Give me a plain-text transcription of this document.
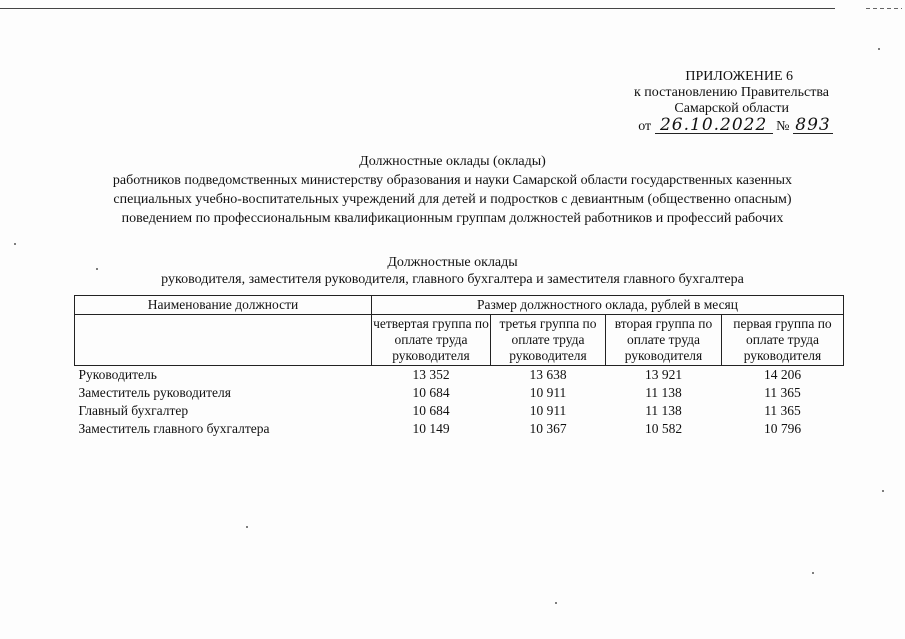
ПРИЛОЖЕНИЕ 6
к постановлению Правительства
Самарской области
от 26.10.2022 № 893
Должностные оклады (оклады)
работников подведомственных министерству образования и науки Самарской области государственных казенных
специальных учебно-воспитательных учреждений для детей и подростков с девиантным (общественно опасным)
поведением по профессиональным квалификационным группам должностей работников и профессий рабочих
Должностные оклады
руководителя, заместителя руководителя, главного бухгалтера и заместителя главного бухгалтера
Наименование должности	Размер должностного оклада, рублей в месяц			
	четвертая группа по оплате труда руководителя	третья группа по оплате труда руководителя	вторая группа по оплате труда руководителя	первая группа по оплате труда руководителя
Руководитель	13 352	13 638	13 921	14 206
Заместитель руководителя	10 684	10 911	11 138	11 365
Главный бухгалтер	10 684	10 911	11 138	11 365
Заместитель главного бухгалтера	10 149	10 367	10 582	10 796
